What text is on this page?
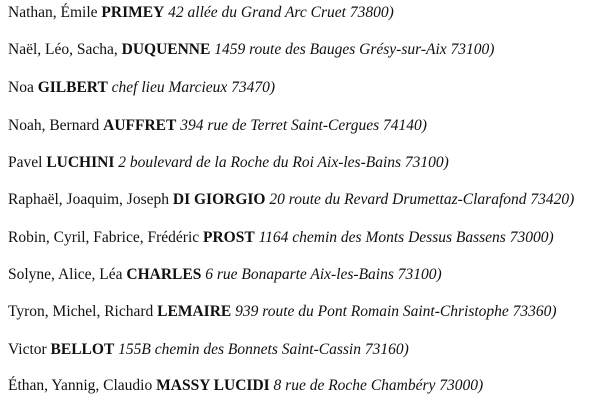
Nathan, Émile PRIMEY 42 allée du Grand Arc Cruet 73800)
Naël, Léo, Sacha, DUQUENNE 1459 route des Bauges Grésy-sur-Aix 73100)
Noa GILBERT chef lieu Marcieux 73470)
Noah, Bernard AUFFRET 394 rue de Terret Saint-Cergues 74140)
Pavel LUCHINI 2 boulevard de la Roche du Roi Aix-les-Bains 73100)
Raphaël, Joaquim, Joseph DI GIORGIO 20 route du Revard Drumettaz-Clarafond 73420)
Robin, Cyril, Fabrice, Frédéric PROST 1164 chemin des Monts Dessus Bassens 73000)
Solyne, Alice, Léa CHARLES 6 rue Bonaparte Aix-les-Bains 73100)
Tyron, Michel, Richard LEMAIRE 939 route du Pont Romain Saint-Christophe 73360)
Victor BELLOT 155B chemin des Bonnets Saint-Cassin 73160)
Éthan, Yannig, Claudio MASSY LUCIDI 8 rue de Roche Chambéry 73000)
